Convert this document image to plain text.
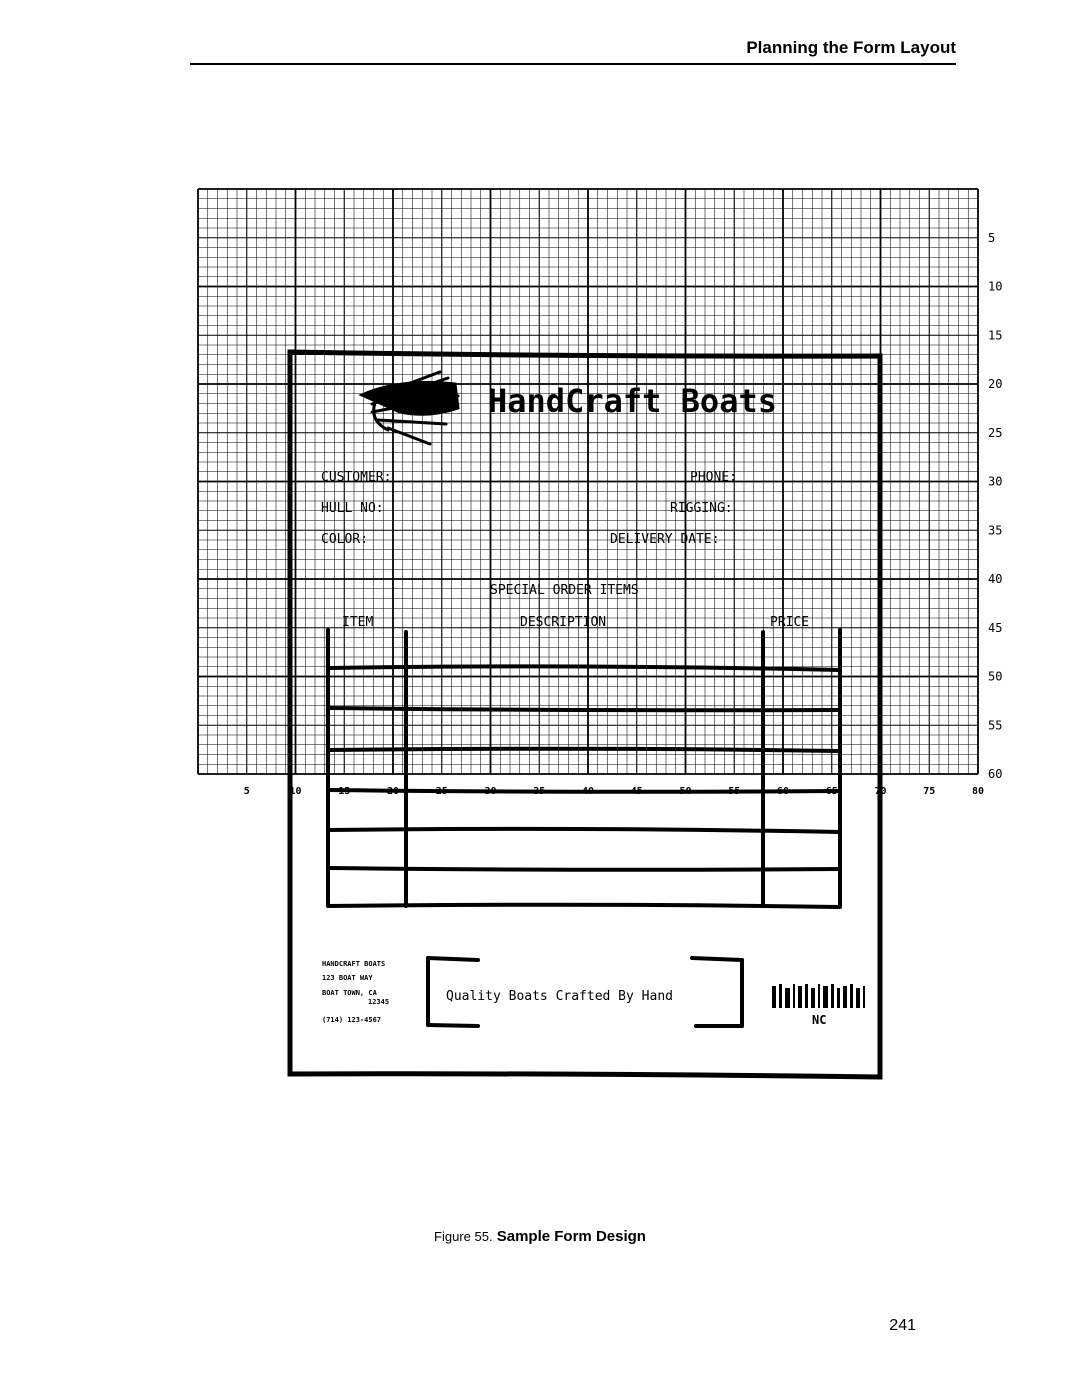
Planning the Form Layout
5
10
15
20
25
30
35
40
45
50
55
60
5	10	15	20	25	30	35	40	45	50	55	60	65	70	75	80
HandCraft Boats
CUSTOMER:	PHONE:
HULL NO:	RIGGING:
COLOR:	DELIVERY DATE:
SPECIAL ORDER ITEMS
ITEM	DESCRIPTION	PRICE
HANDCRAFT BOATS
123 BOAT WAY
BOAT TOWN, CA
12345
(714) 123-4567
Quality Boats Crafted By Hand
NC
Figure 55. Sample Form Design
241
